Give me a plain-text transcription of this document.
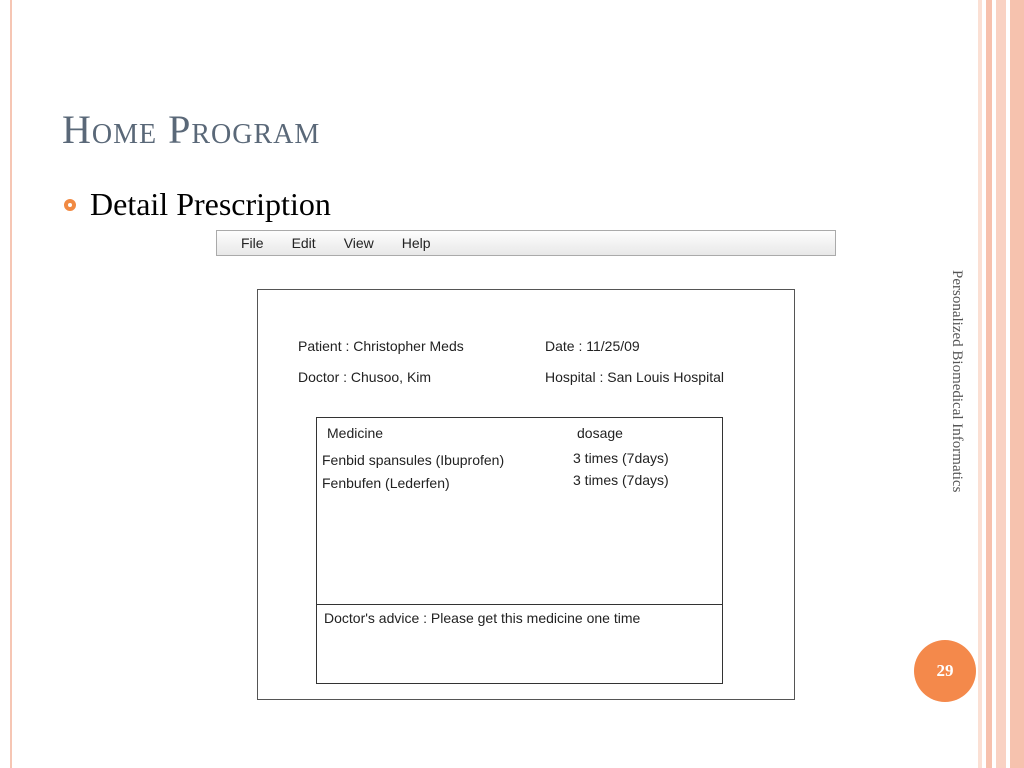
Home Program
Detail Prescription
File Edit View Help
Patient : Christopher Meds	Date : 11/25/09
Doctor : Chusoo, Kim	Hospital : San Louis Hospital
Medicine	dosage
Fenbid spansules (Ibuprofen)	3 times (7days)
Fenbufen (Lederfen)	3 times (7days)
Doctor's advice : Please get this medicine one time
Personalized Biomedical Informatics
29
